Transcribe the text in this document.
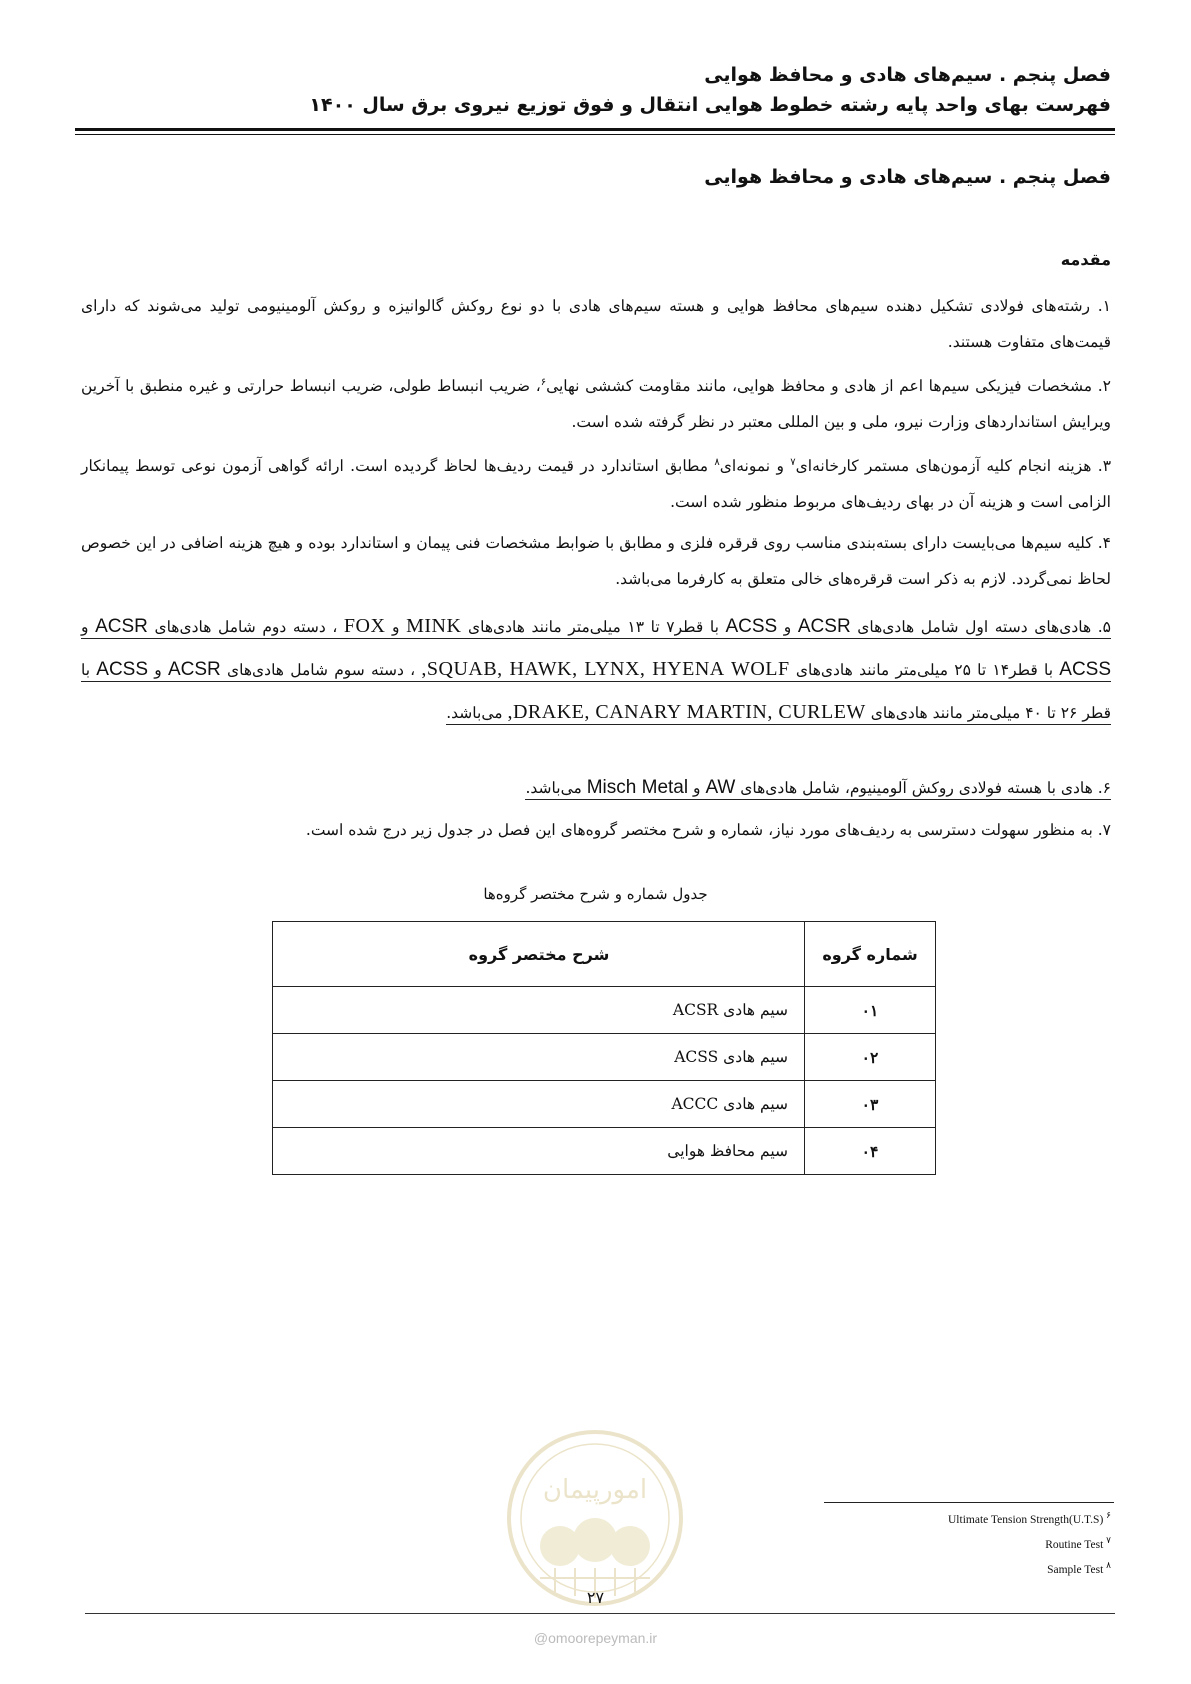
فصل پنجم . سیم‌های هادی و محافظ هوایی
فهرست بهای واحد پایه رشته خطوط هوایی انتقال و فوق توزیع نیروی برق سال ۱۴۰۰
فصل پنجم . سیم‌های هادی و محافظ هوایی
مقدمه
۱. رشته‌های فولادی تشکیل دهنده سیم‌های محافظ هوایی و هسته سیم‌های هادی با دو نوع روکش گالوانیزه و روکش آلومینیومی تولید می‌شوند که دارای قیمت‌های متفاوت هستند.
۲. مشخصات فیزیکی سیم‌ها اعم از هادی و محافظ هوایی، مانند مقاومت کششی نهایی$^۶$، ضریب انبساط طولی، ضریب انبساط حرارتی و غیره منطبق با آخرین ویرایش استانداردهای وزارت نیرو، ملی و بین المللی معتبر در نظر گرفته شده است.
۳. هزینه انجام کلیه آزمون‌های مستمر کارخانه‌ای$^۷$ و نمونه‌ای$^۸$ مطابق استاندارد در قیمت ردیف‌ها لحاظ گردیده است. ارائه گواهی آزمون نوعی توسط پیمانکار الزامی است و هزینه آن در بهای ردیف‌های مربوط منظور شده است.
۴. کلیه سیم‌ها می‌بایست دارای بسته‌بندی مناسب روی قرقره فلزی و مطابق با ضوابط مشخصات فنی پیمان و استاندارد بوده و هیچ هزینه اضافی در این خصوص لحاظ نمی‌گردد. لازم به ذکر است قرقره‌های خالی متعلق به کارفرما می‌باشد.
۵. هادی‌های دسته اول شامل هادی‌های ACSR و ACSS با قطر۷ تا ۱۳ میلی‌متر مانند هادی‌های MINK و FOX ، دسته دوم شامل هادی‌های ACSR و ACSS با قطر۱۴ تا ۲۵ میلی‌متر مانند هادی‌های SQUAB, HAWK, LYNX, HYENA WOLF, ، دسته سوم شامل هادی‌های ACSR و ACSS با قطر ۲۶ تا ۴۰ میلی‌متر مانند هادی‌های DRAKE, CANARY MARTIN, CURLEW, می‌باشد.
۶. هادی با هسته فولادی روکش آلومینیوم، شامل هادی‌های AW و Misch Metal می‌باشد.
۷. به منظور سهولت دسترسی به ردیف‌های مورد نیاز، شماره و شرح مختصر گروه‌های این فصل در جدول زیر درج شده است.
جدول شماره و شرح مختصر گروه‌ها
شماره گروه	شرح مختصر گروه
۰۱	سیم هادی ACSR
۰۲	سیم هادی ACSS
۰۳	سیم هادی ACCC
۰۴	سیم محافظ هوایی
امورپیمان
Ultimate Tension Strength(U.T.S) $^۶$
Routine Test $^۷$
Sample Test $^۸$
۲۷
@omoorepeyman.ir
